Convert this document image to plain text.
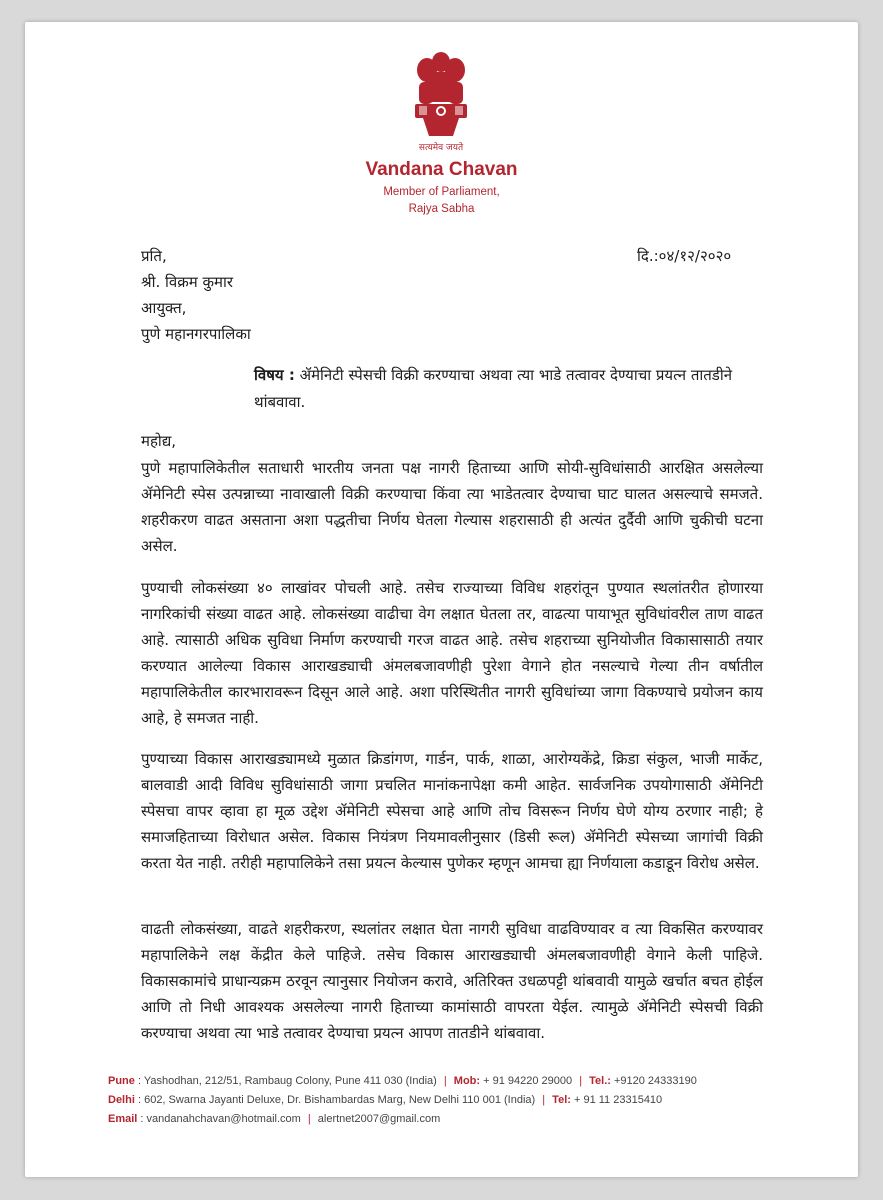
सत्यमेव जयते
Vandana Chavan
Member of Parliament,
Rajya Sabha
प्रति,	दि.:०४/१२/२०२०
श्री. विक्रम कुमार
आयुक्त,
पुणे महानगरपालिका
विषय : ॲमेनिटी स्पेसची विक्री करण्याचा अथवा त्या भाडे तत्वावर देण्याचा प्रयत्न तातडीने
थांबवावा.
महोद्य,
पुणे महापालिकेतील सताधारी भारतीय जनता पक्ष नागरी हिताच्या आणि सोयी-सुविधांसाठी आरक्षित असलेल्या ॲमेनिटी स्पेस उत्पन्नाच्या नावाखाली विक्री करण्याचा किंवा त्या भाडेतत्वार देण्याचा घाट घालत असल्याचे समजते. शहरीकरण वाढत असताना अशा पद्धतीचा निर्णय घेतला गेल्यास शहरासाठी ही अत्यंत दुर्दैवी आणि चुकीची घटना असेल.
पुण्याची लोकसंख्या ४० लाखांवर पोचली आहे. तसेच राज्याच्या विविध शहरांतून पुण्यात स्थलांतरीत होणारया नागरिकांची संख्या वाढत आहे. लोकसंख्या वाढीचा वेग लक्षात घेतला तर, वाढत्या पायाभूत सुविधांवरील ताण वाढत आहे. त्यासाठी अधिक सुविधा निर्माण करण्याची गरज वाढत आहे. तसेच शहराच्या सुनियोजीत विकासासाठी तयार करण्यात आलेल्या विकास आराखड्याची अंमलबजावणीही पुरेशा वेगाने होत नसल्याचे गेल्या तीन वर्षातील महापालिकेतील कारभारावरून दिसून आले आहे. अशा परिस्थितीत नागरी सुविधांच्या जागा विकण्याचे प्रयोजन काय आहे, हे समजत नाही.
पुण्याच्या विकास आराखड्यामध्ये मुळात क्रिडांगण, गार्डन, पार्क, शाळा, आरोग्यकेंद्रे, क्रिडा संकुल, भाजी मार्केट, बालवाडी आदी विविध सुविधांसाठी जागा प्रचलित मानांकनापेक्षा कमी आहेत. सार्वजनिक उपयोगासाठी ॲमेनिटी स्पेसचा वापर व्हावा हा मूळ उद्देश ॲमेनिटी स्पेसचा आहे आणि तोच विसरून निर्णय घेणे योग्य ठरणार नाही; हे समाजहिताच्या विरोधात असेल. विकास नियंत्रण नियमावलीनुसार (डिसी रूल) ॲमेनिटी स्पेसच्या जागांची विक्री करता येत नाही. तरीही महापालिकेने तसा प्रयत्न केल्यास पुणेकर म्हणून आमचा ह्या निर्णयाला कडाडून विरोध असेल.
वाढती लोकसंख्या, वाढते शहरीकरण, स्थलांतर लक्षात घेता नागरी सुविधा वाढविण्यावर व त्या विकसित करण्यावर महापालिकेने लक्ष केंद्रीत केले पाहिजे. तसेच विकास आराखड्याची अंमलबजावणीही वेगाने केली पाहिजे. विकासकामांचे प्राधान्यक्रम ठरवून त्यानुसार नियोजन करावे, अतिरिक्त उधळपट्टी थांबवावी यामुळे खर्चात बचत होईल आणि तो निधी आवश्यक असलेल्या नागरी हिताच्या कामांसाठी वापरता येईल. त्यामुळे ॲमेनिटी स्पेसची विक्री करण्याचा अथवा त्या भाडे तत्वावर देण्याचा प्रयत्न आपण तातडीने थांबवावा.
Pune : Yashodhan, 212/51, Rambaug Colony, Pune 411 030 (India) | Mob: + 91 94220 29000 | Tel.: +9120 24333190
Delhi : 602, Swarna Jayanti Deluxe, Dr. Bishambardas Marg, New Delhi 110 001 (India) | Tel: + 91 11 23315410
Email : vandanahchavan@hotmail.com | alertnet2007@gmail.com
